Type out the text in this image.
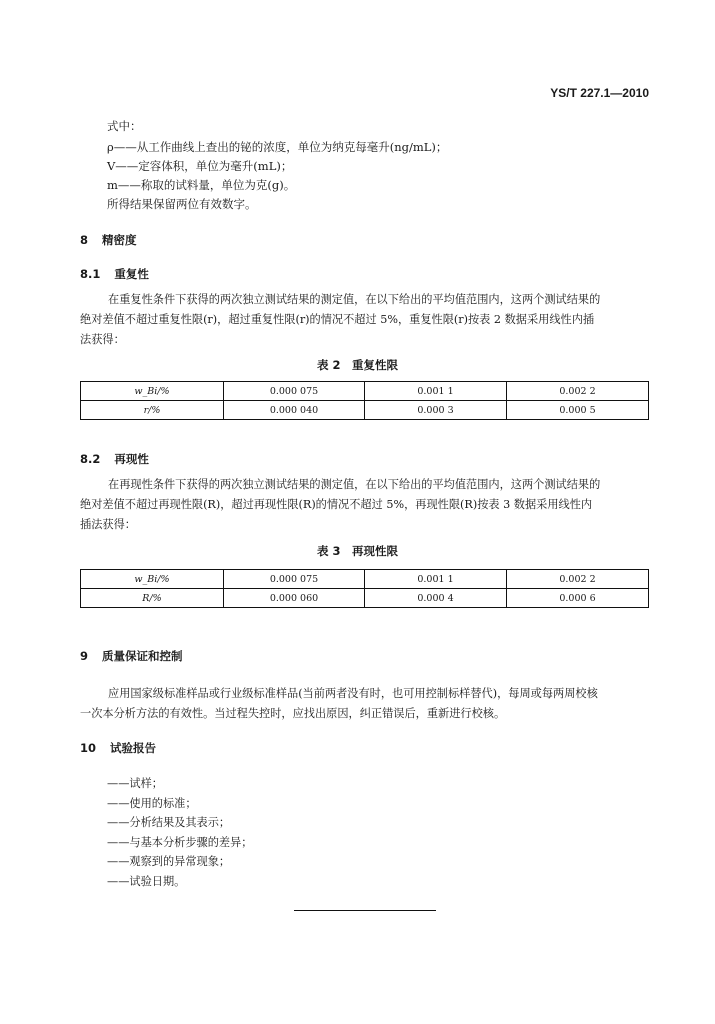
YS/T 227.1—2010
式中：
ρ——从工作曲线上查出的铋的浓度，单位为纳克每毫升(ng/mL)；
V——定容体积，单位为毫升(mL)；
m——称取的试料量，单位为克(g)。
所得结果保留两位有效数字。
8 精密度
8.1 重复性
在重复性条件下获得的两次独立测试结果的测定值，在以下给出的平均值范围内，这两个测试结果的
绝对差值不超过重复性限(r)，超过重复性限(r)的情况不超过 5%，重复性限(r)按表 2 数据采用线性内插
法获得：
表 2　重复性限
w_Bi/%	0.000 075	0.001 1	0.002 2
r/%	0.000 040	0.000 3	0.000 5
8.2 再现性
在再现性条件下获得的两次独立测试结果的测定值，在以下给出的平均值范围内，这两个测试结果的
绝对差值不超过再现性限(R)，超过再现性限(R)的情况不超过 5%，再现性限(R)按表 3 数据采用线性内
插法获得：
表 3　再现性限
w_Bi/%	0.000 075	0.001 1	0.002 2
R/%	0.000 060	0.000 4	0.000 6
9 质量保证和控制
应用国家级标准样品或行业级标准样品(当前两者没有时，也可用控制标样替代)，每周或每两周校核
一次本分析方法的有效性。当过程失控时，应找出原因，纠正错误后，重新进行校核。
10 试验报告
——试样；
——使用的标准；
——分析结果及其表示；
——与基本分析步骤的差异；
——观察到的异常现象；
——试验日期。
